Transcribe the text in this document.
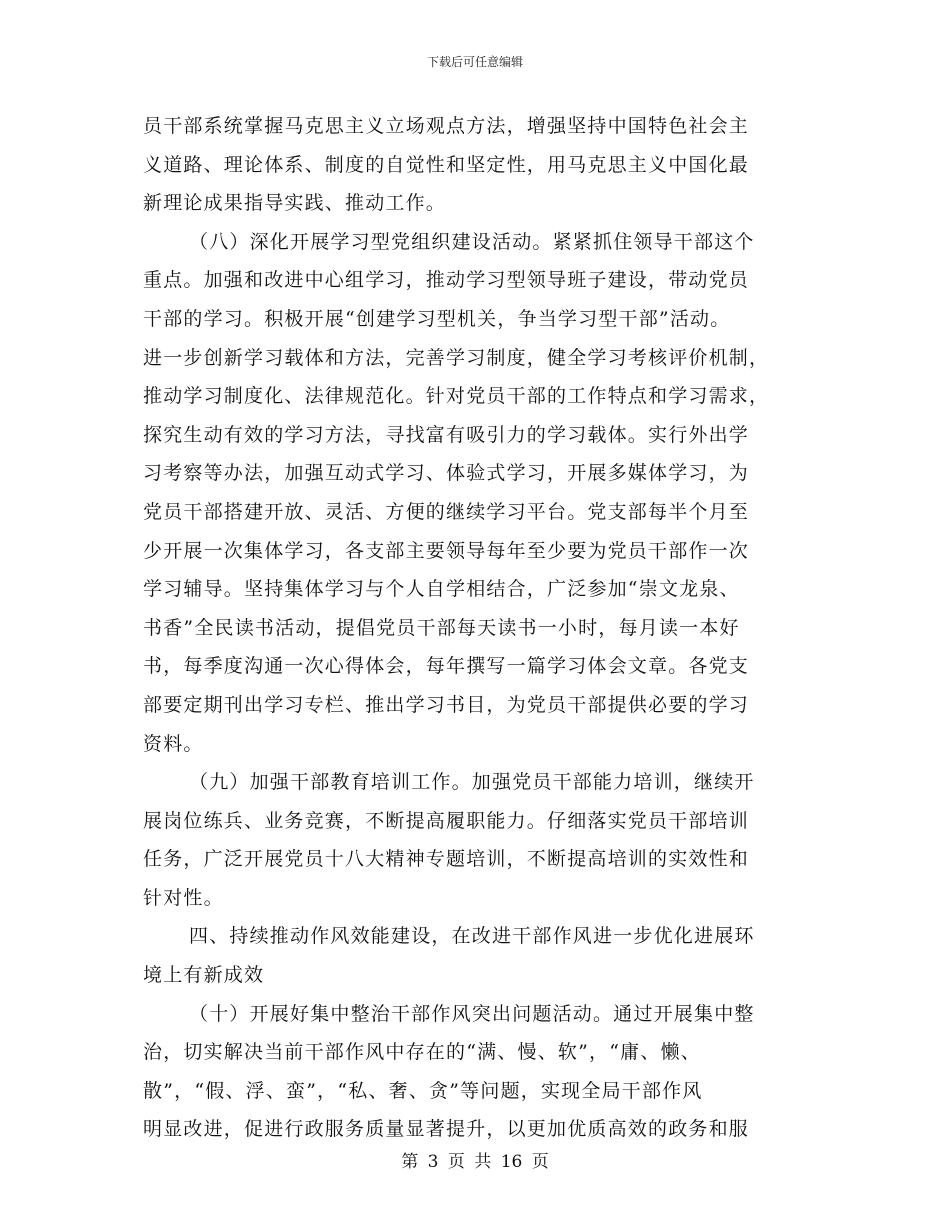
下载后可任意编辑
员干部系统掌握马克思主义立场观点方法，增强坚持中国特色社会主
义道路、理论体系、制度的自觉性和坚定性，用马克思主义中国化最
新理论成果指导实践、推动工作。
（八）深化开展学习型党组织建设活动。紧紧抓住领导干部这个
重点。加强和改进中心组学习，推动学习型领导班子建设，带动党员
干部的学习。积极开展“创建学习型机关，争当学习型干部”活动。
进一步创新学习载体和方法，完善学习制度，健全学习考核评价机制，
推动学习制度化、法律规范化。针对党员干部的工作特点和学习需求，
探究生动有效的学习方法，寻找富有吸引力的学习载体。实行外出学
习考察等办法，加强互动式学习、体验式学习，开展多媒体学习，为
党员干部搭建开放、灵活、方便的继续学习平台。党支部每半个月至
少开展一次集体学习，各支部主要领导每年至少要为党员干部作一次
学习辅导。坚持集体学习与个人自学相结合，广泛参加“崇文龙泉、
书香”全民读书活动，提倡党员干部每天读书一小时，每月读一本好
书，每季度沟通一次心得体会，每年撰写一篇学习体会文章。各党支
部要定期刊出学习专栏、推出学习书目，为党员干部提供必要的学习
资料。
（九）加强干部教育培训工作。加强党员干部能力培训，继续开
展岗位练兵、业务竞赛，不断提高履职能力。仔细落实党员干部培训
任务，广泛开展党员十八大精神专题培训，不断提高培训的实效性和
针对性。
四、持续推动作风效能建设，在改进干部作风进一步优化进展环
境上有新成效
（十）开展好集中整治干部作风突出问题活动。通过开展集中整
治，切实解决当前干部作风中存在的“满、慢、软”，“庸、懒、
散”，“假、浮、蛮”，“私、奢、贪”等问题，实现全局干部作风
明显改进，促进行政服务质量显著提升，以更加优质高效的政务和服
第 3 页 共 16 页
